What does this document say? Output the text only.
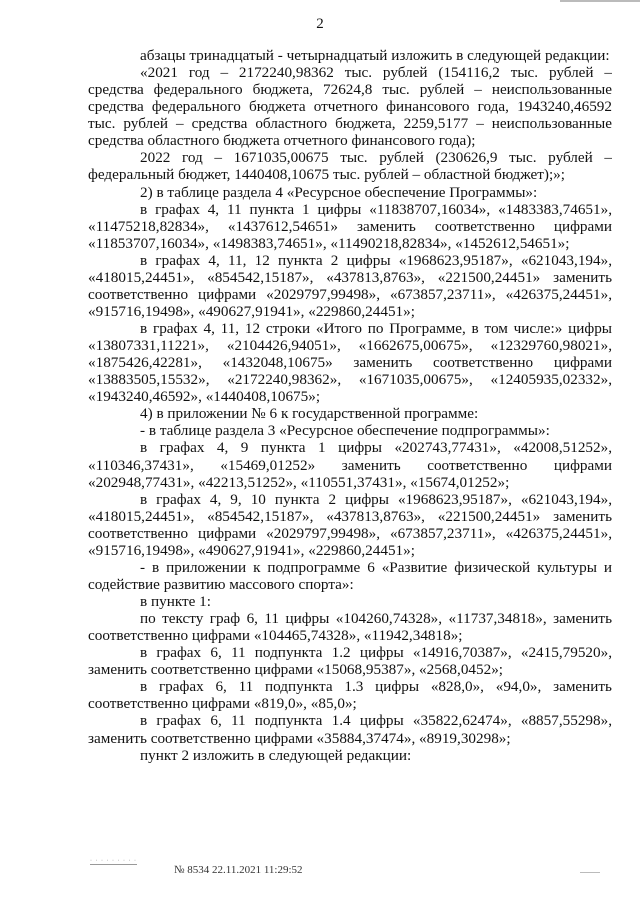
2
абзацы тринадцатый - четырнадцатый изложить в следующей редакции:
«2021 год – 2172240,98362 тыс. рублей (154116,2 тыс. рублей –
средства федерального бюджета, 72624,8 тыс. рублей – неиспользованные
средства федерального бюджета отчетного финансового года, 1943240,46592
тыс. рублей – средства областного бюджета, 2259,5177 – неиспользованные
средства областного бюджета отчетного финансового года);
2022 год – 1671035,00675 тыс. рублей (230626,9 тыс. рублей –
федеральный бюджет, 1440408,10675 тыс. рублей – областной бюджет);»;
2) в таблице раздела 4 «Ресурсное обеспечение Программы»:
в графах 4, 11 пункта 1 цифры «11838707,16034», «1483383,74651»,
«11475218,82834», «1437612,54651» заменить соответственно цифрами
«11853707,16034», «1498383,74651», «11490218,82834», «1452612,54651»;
в графах 4, 11, 12 пункта 2 цифры «1968623,95187», «621043,194»,
«418015,24451», «854542,15187», «437813,8763», «221500,24451» заменить
соответственно цифрами «2029797,99498», «673857,23711», «426375,24451»,
«915716,19498», «490627,91941», «229860,24451»;
в графах 4, 11, 12 строки «Итого по Программе, в том числе:» цифры
«13807331,11221», «2104426,94051», «1662675,00675», «12329760,98021»,
«1875426,42281», «1432048,10675» заменить соответственно цифрами
«13883505,15532», «2172240,98362», «1671035,00675», «12405935,02332»,
«1943240,46592», «1440408,10675»;
4) в приложении № 6 к государственной программе:
- в таблице раздела 3 «Ресурсное обеспечение подпрограммы»:
в графах 4, 9 пункта 1 цифры «202743,77431», «42008,51252»,
«110346,37431», «15469,01252» заменить соответственно цифрами
«202948,77431», «42213,51252», «110551,37431», «15674,01252»;
в графах 4, 9, 10 пункта 2 цифры «1968623,95187», «621043,194»,
«418015,24451», «854542,15187», «437813,8763», «221500,24451» заменить
соответственно цифрами «2029797,99498», «673857,23711», «426375,24451»,
«915716,19498», «490627,91941», «229860,24451»;
- в приложении к подпрограмме 6 «Развитие физической культуры и
содействие развитию массового спорта»:
в пункте 1:
по тексту граф 6, 11 цифры «104260,74328», «11737,34818», заменить
соответственно цифрами «104465,74328», «11942,34818»;
в графах 6, 11 подпункта 1.2 цифры «14916,70387», «2415,79520»,
заменить соответственно цифрами «15068,95387», «2568,0452»;
в графах 6, 11 подпункта 1.3 цифры «828,0», «94,0», заменить
соответственно цифрами «819,0», «85,0»;
в графах 6, 11 подпункта 1.4 цифры «35822,62474», «8857,55298»,
заменить соответственно цифрами «35884,37474», «8919,30298»;
пункт 2 изложить в следующей редакции:
· · · · · · · · ·
№ 8534 22.11.2021 11:29:52
